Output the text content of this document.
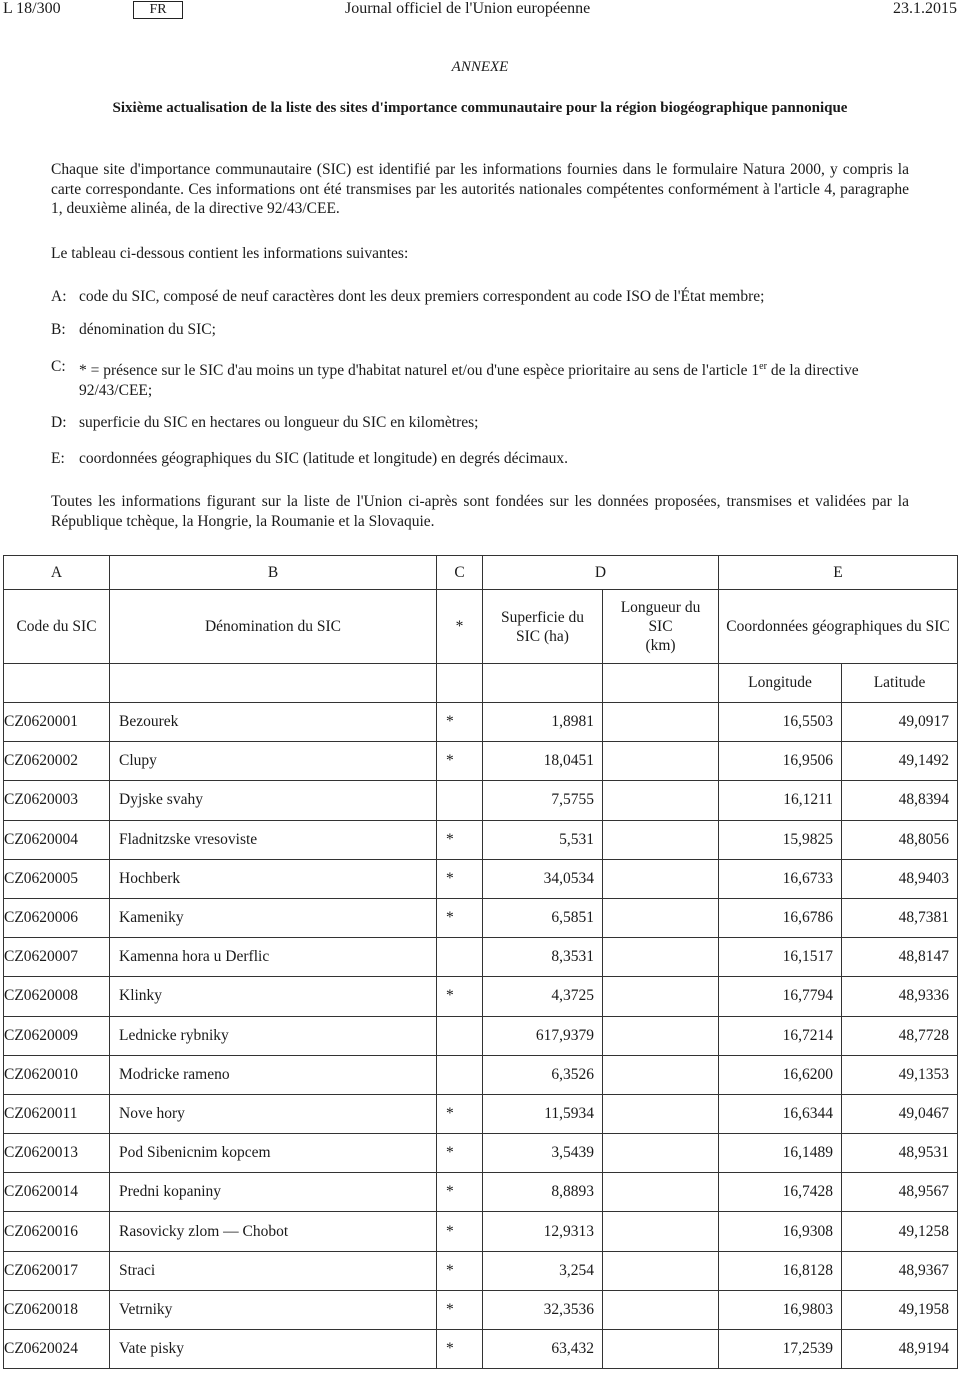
L 18/300	FR	Journal officiel de l'Union européenne	23.1.2015
ANNEXE
Sixième actualisation de la liste des sites d'importance communautaire pour la région biogéographique pannonique
Chaque site d'importance communautaire (SIC) est identifié par les informations fournies dans le formulaire Natura 2000, y compris la carte correspondante. Ces informations ont été transmises par les autorités nationales compétentes conformément à l'article 4, paragraphe 1, deuxième alinéa, de la directive 92/43/CEE.
Le tableau ci-dessous contient les informations suivantes:
A: code du SIC, composé de neuf caractères dont les deux premiers correspondent au code ISO de l'État membre;
B: dénomination du SIC;
C: * = présence sur le SIC d'au moins un type d'habitat naturel et/ou d'une espèce prioritaire au sens de l'article 1er de la directive 92/43/CEE;
D: superficie du SIC en hectares ou longueur du SIC en kilomètres;
E: coordonnées géographiques du SIC (latitude et longitude) en degrés décimaux.
Toutes les informations figurant sur la liste de l'Union ci-après sont fondées sur les données proposées, transmises et validées par la République tchèque, la Hongrie, la Roumanie et la Slovaquie.
A	B	C	D		E	
Code du SIC	Dénomination du SIC	*	Superficie du SIC (ha)	Longueur du
SIC
(km)	Coordonnées géographiques du SIC	
					Longitude	Latitude
CZ0620001	Bezourek	*	1,8981		16,5503	49,0917
CZ0620002	Clupy	*	18,0451		16,9506	49,1492
CZ0620003	Dyjske svahy		7,5755		16,1211	48,8394
CZ0620004	Fladnitzske vresoviste	*	5,531		15,9825	48,8056
CZ0620005	Hochberk	*	34,0534		16,6733	48,9403
CZ0620006	Kameniky	*	6,5851		16,6786	48,7381
CZ0620007	Kamenna hora u Derflic		8,3531		16,1517	48,8147
CZ0620008	Klinky	*	4,3725		16,7794	48,9336
CZ0620009	Lednicke rybniky		617,9379		16,7214	48,7728
CZ0620010	Modricke rameno		6,3526		16,6200	49,1353
CZ0620011	Nove hory	*	11,5934		16,6344	49,0467
CZ0620013	Pod Sibenicnim kopcem	*	3,5439		16,1489	48,9531
CZ0620014	Predni kopaniny	*	8,8893		16,7428	48,9567
CZ0620016	Rasovicky zlom — Chobot	*	12,9313		16,9308	49,1258
CZ0620017	Straci	*	3,254		16,8128	48,9367
CZ0620018	Vetrniky	*	32,3536		16,9803	49,1958
CZ0620024	Vate pisky	*	63,432		17,2539	48,9194
